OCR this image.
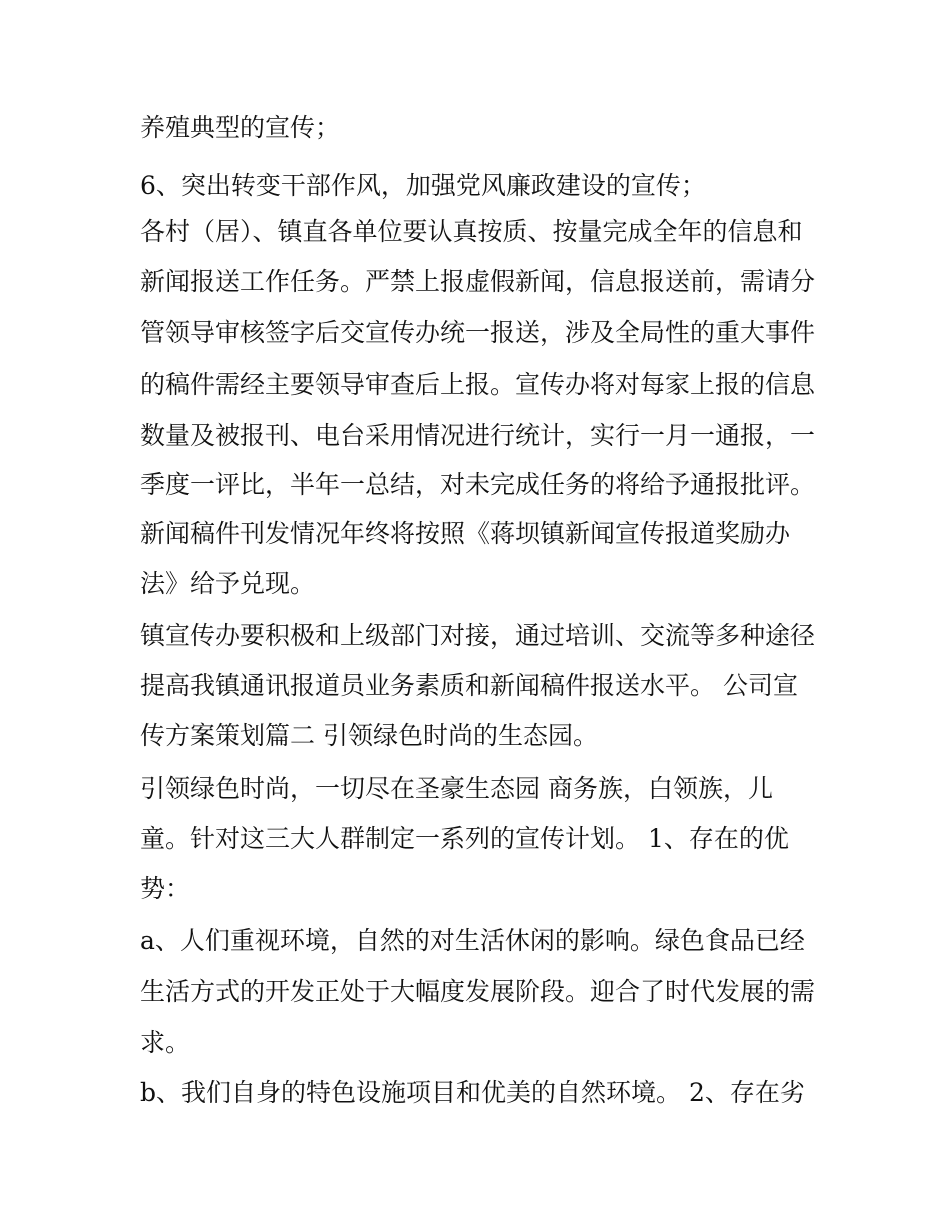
养殖典型的宣传；

6、突出转变干部作风，加强党风廉政建设的宣传；

各村（居）、镇直各单位要认真按质、按量完成全年的信息和

新闻报送工作任务。严禁上报虚假新闻，信息报送前，需请分

管领导审核签字后交宣传办统一报送，涉及全局性的重大事件

的稿件需经主要领导审查后上报。宣传办将对每家上报的信息

数量及被报刊、电台采用情况进行统计，实行一月一通报，一

季度一评比，半年一总结，对未完成任务的将给予通报批评。

新闻稿件刊发情况年终将按照《蒋坝镇新闻宣传报道奖励办

法》给予兑现。

镇宣传办要积极和上级部门对接，通过培训、交流等多种途径

提高我镇通讯报道员业务素质和新闻稿件报送水平。 公司宣

传方案策划篇二 引领绿色时尚的生态园。

引领绿色时尚，一切尽在圣豪生态园 商务族，白领族，儿

童。针对这三大人群制定一系列的宣传计划。 1、存在的优

势：

a、人们重视环境，自然的对生活休闲的影响。绿色食品已经

生活方式的开发正处于大幅度发展阶段。迎合了时代发展的需

求。

b、我们自身的特色设施项目和优美的自然环境。 2、存在劣
